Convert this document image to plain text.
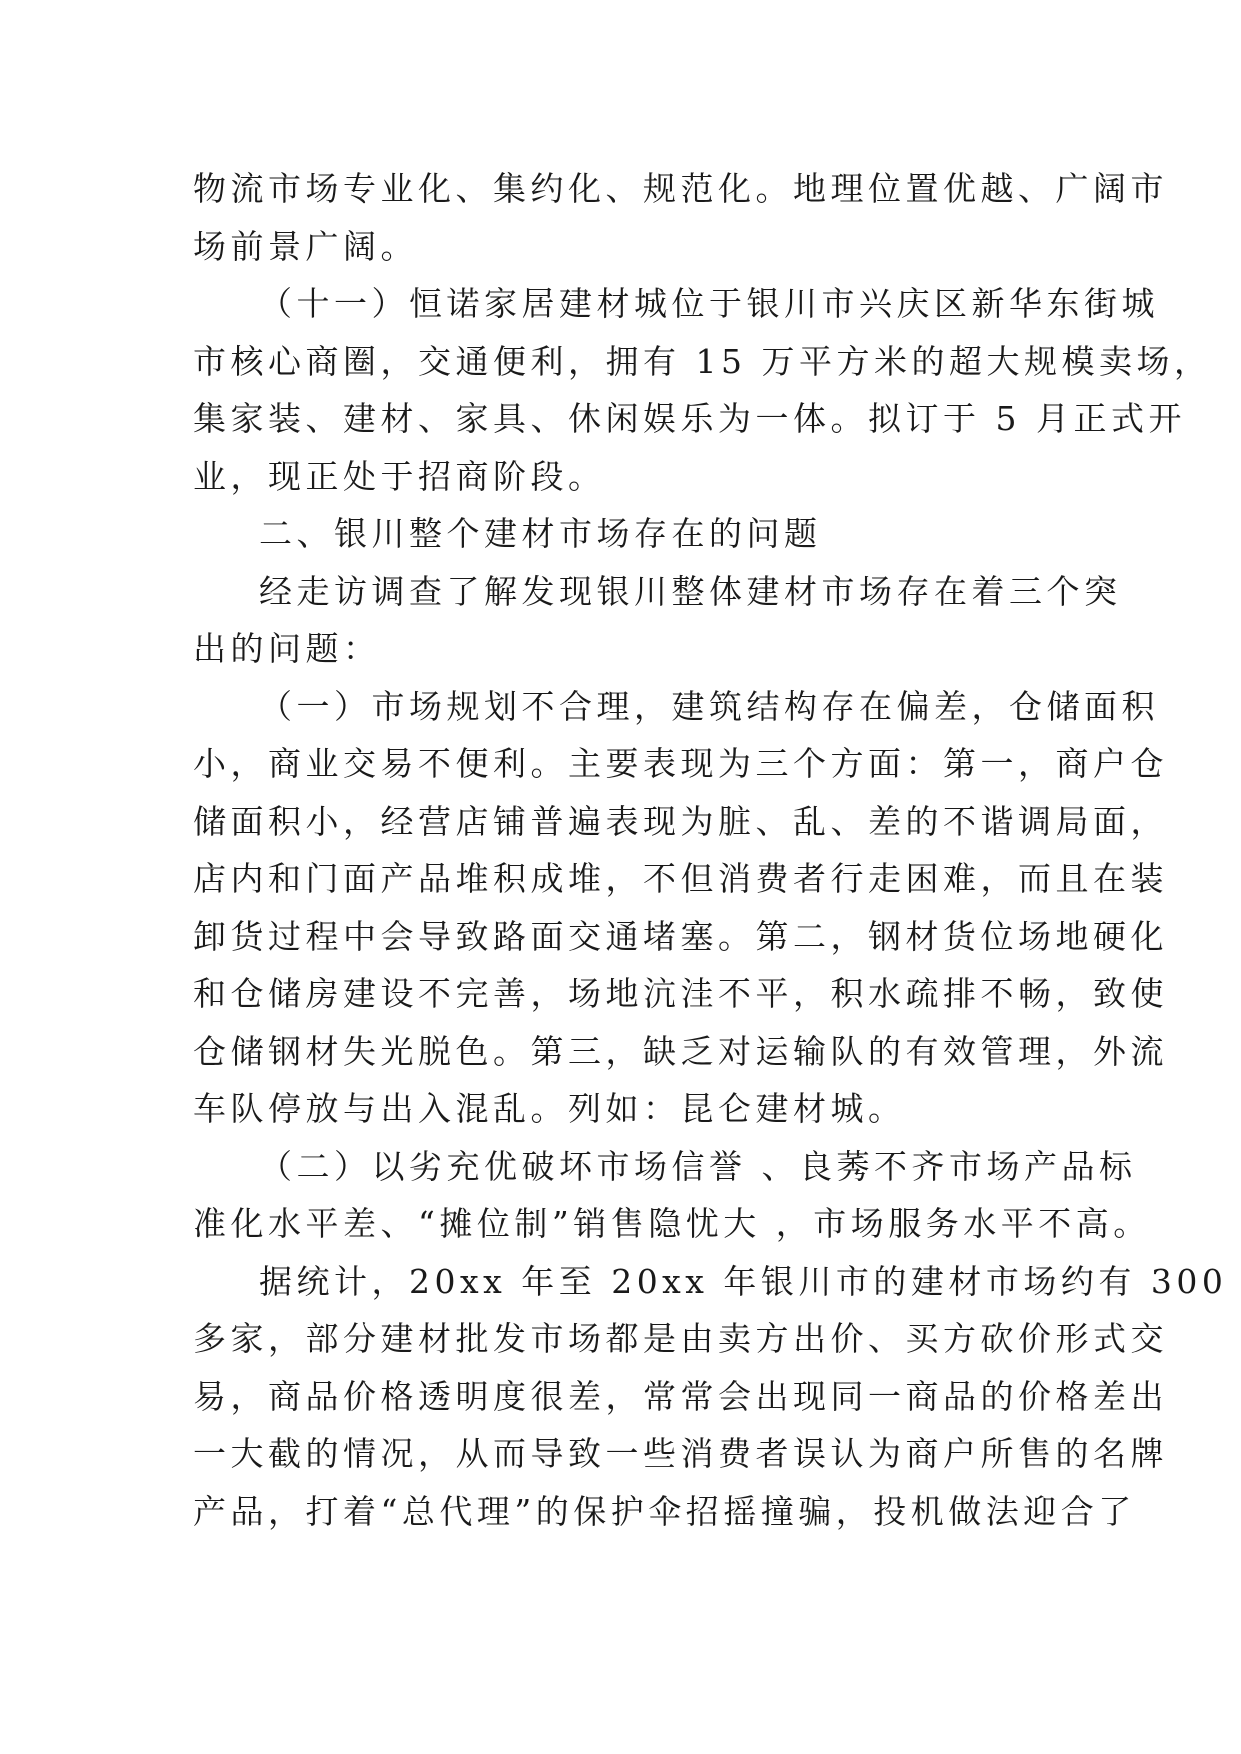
物流市场专业化、集约化、规范化。地理位置优越、广阔市
场前景广阔。
（十一）恒诺家居建材城位于银川市兴庆区新华东街城
市核心商圈，交通便利，拥有 15 万平方米的超大规模卖场，
集家装、建材、家具、休闲娱乐为一体。拟订于 5 月正式开
业，现正处于招商阶段。
二、银川整个建材市场存在的问题
经走访调查了解发现银川整体建材市场存在着三个突
出的问题：
（一）市场规划不合理，建筑结构存在偏差，仓储面积
小，商业交易不便利。主要表现为三个方面：第一，商户仓
储面积小，经营店铺普遍表现为脏、乱、差的不谐调局面，
店内和门面产品堆积成堆，不但消费者行走困难，而且在装
卸货过程中会导致路面交通堵塞。第二，钢材货位场地硬化
和仓储房建设不完善，场地沆洼不平，积水疏排不畅，致使
仓储钢材失光脱色。第三，缺乏对运输队的有效管理，外流
车队停放与出入混乱。列如：昆仑建材城。
（二）以劣充优破坏市场信誉 、良莠不齐市场产品标
准化水平差、“摊位制”销售隐忧大 ，市场服务水平不高。
据统计，20xx 年至 20xx 年银川市的建材市场约有 300
多家，部分建材批发市场都是由卖方出价、买方砍价形式交
易，商品价格透明度很差，常常会出现同一商品的价格差出
一大截的情况，从而导致一些消费者误认为商户所售的名牌
产品，打着“总代理”的保护伞招摇撞骗，投机做法迎合了
